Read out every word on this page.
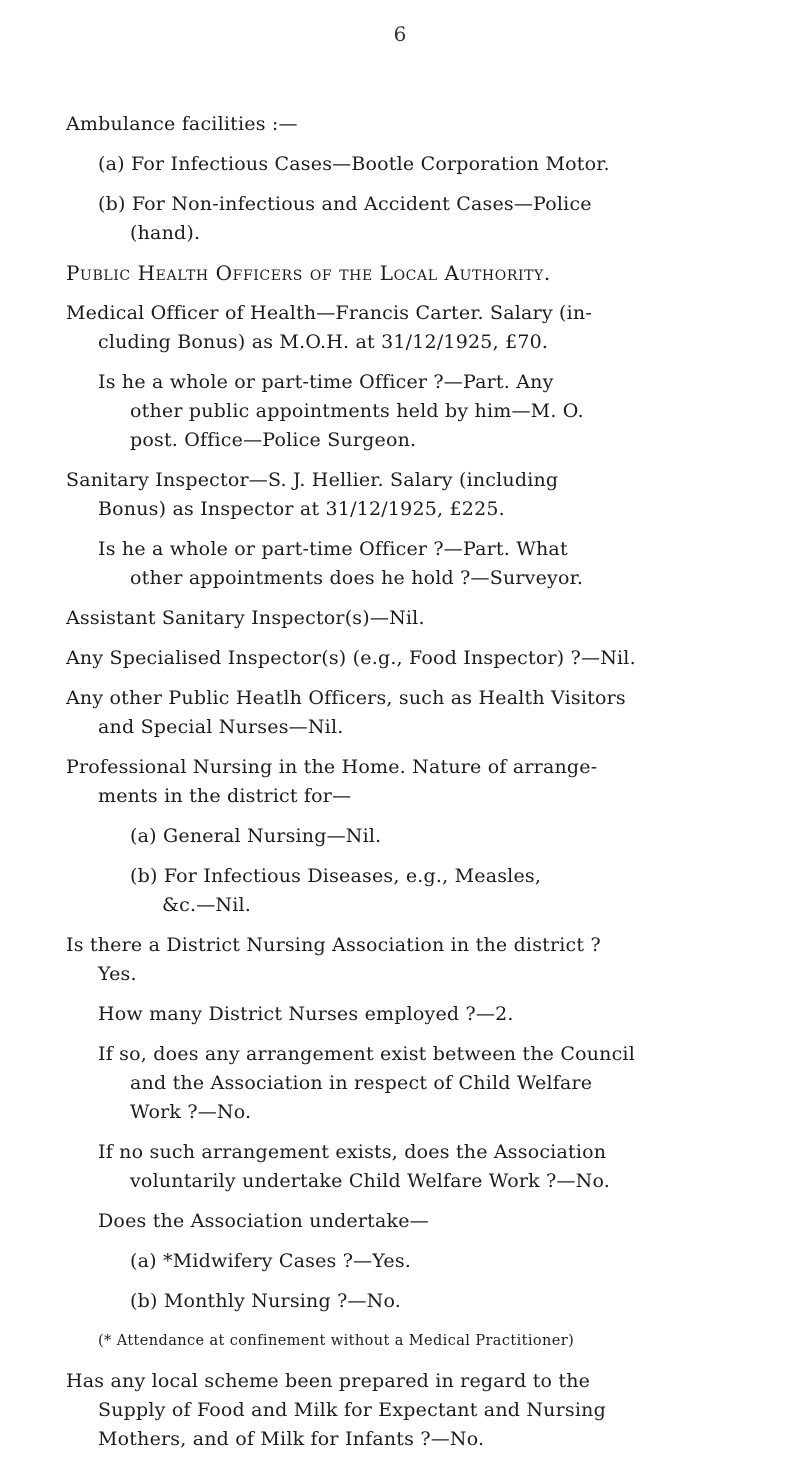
6

Ambulance facilities :—

(a) For Infectious Cases—Bootle Corporation Motor.

(b) For Non-infectious and Accident Cases—Police
(hand).

Public Health Officers of the Local Authority.

Medical Officer of Health—Francis Carter. Salary (in-
cluding Bonus) as M.O.H. at 31/12/1925, £70.

Is he a whole or part-time Officer ?—Part. Any
other public appointments held by him—M. O.
post. Office—Police Surgeon.

Sanitary Inspector—S. J. Hellier. Salary (including
Bonus) as Inspector at 31/12/1925, £225.

Is he a whole or part-time Officer ?—Part. What
other appointments does he hold ?—Surveyor.

Assistant Sanitary Inspector(s)—Nil.

Any Specialised Inspector(s) (e.g., Food Inspector) ?—Nil.

Any other Public Heatlh Officers, such as Health Visitors
and Special Nurses—Nil.

Professional Nursing in the Home. Nature of arrange-
ments in the district for—

(a) General Nursing—Nil.

(b) For Infectious Diseases, e.g., Measles,
&c.—Nil.

Is there a District Nursing Association in the district ?
Yes.

How many District Nurses employed ?—2.

If so, does any arrangement exist between the Council
and the Association in respect of Child Welfare
Work ?—No.

If no such arrangement exists, does the Association
voluntarily undertake Child Welfare Work ?—No.

Does the Association undertake—

(a) *Midwifery Cases ?—Yes.

(b) Monthly Nursing ?—No.

(* Attendance at confinement without a Medical Practitioner)

Has any local scheme been prepared in regard to the
Supply of Food and Milk for Expectant and Nursing
Mothers, and of Milk for Infants ?—No.
